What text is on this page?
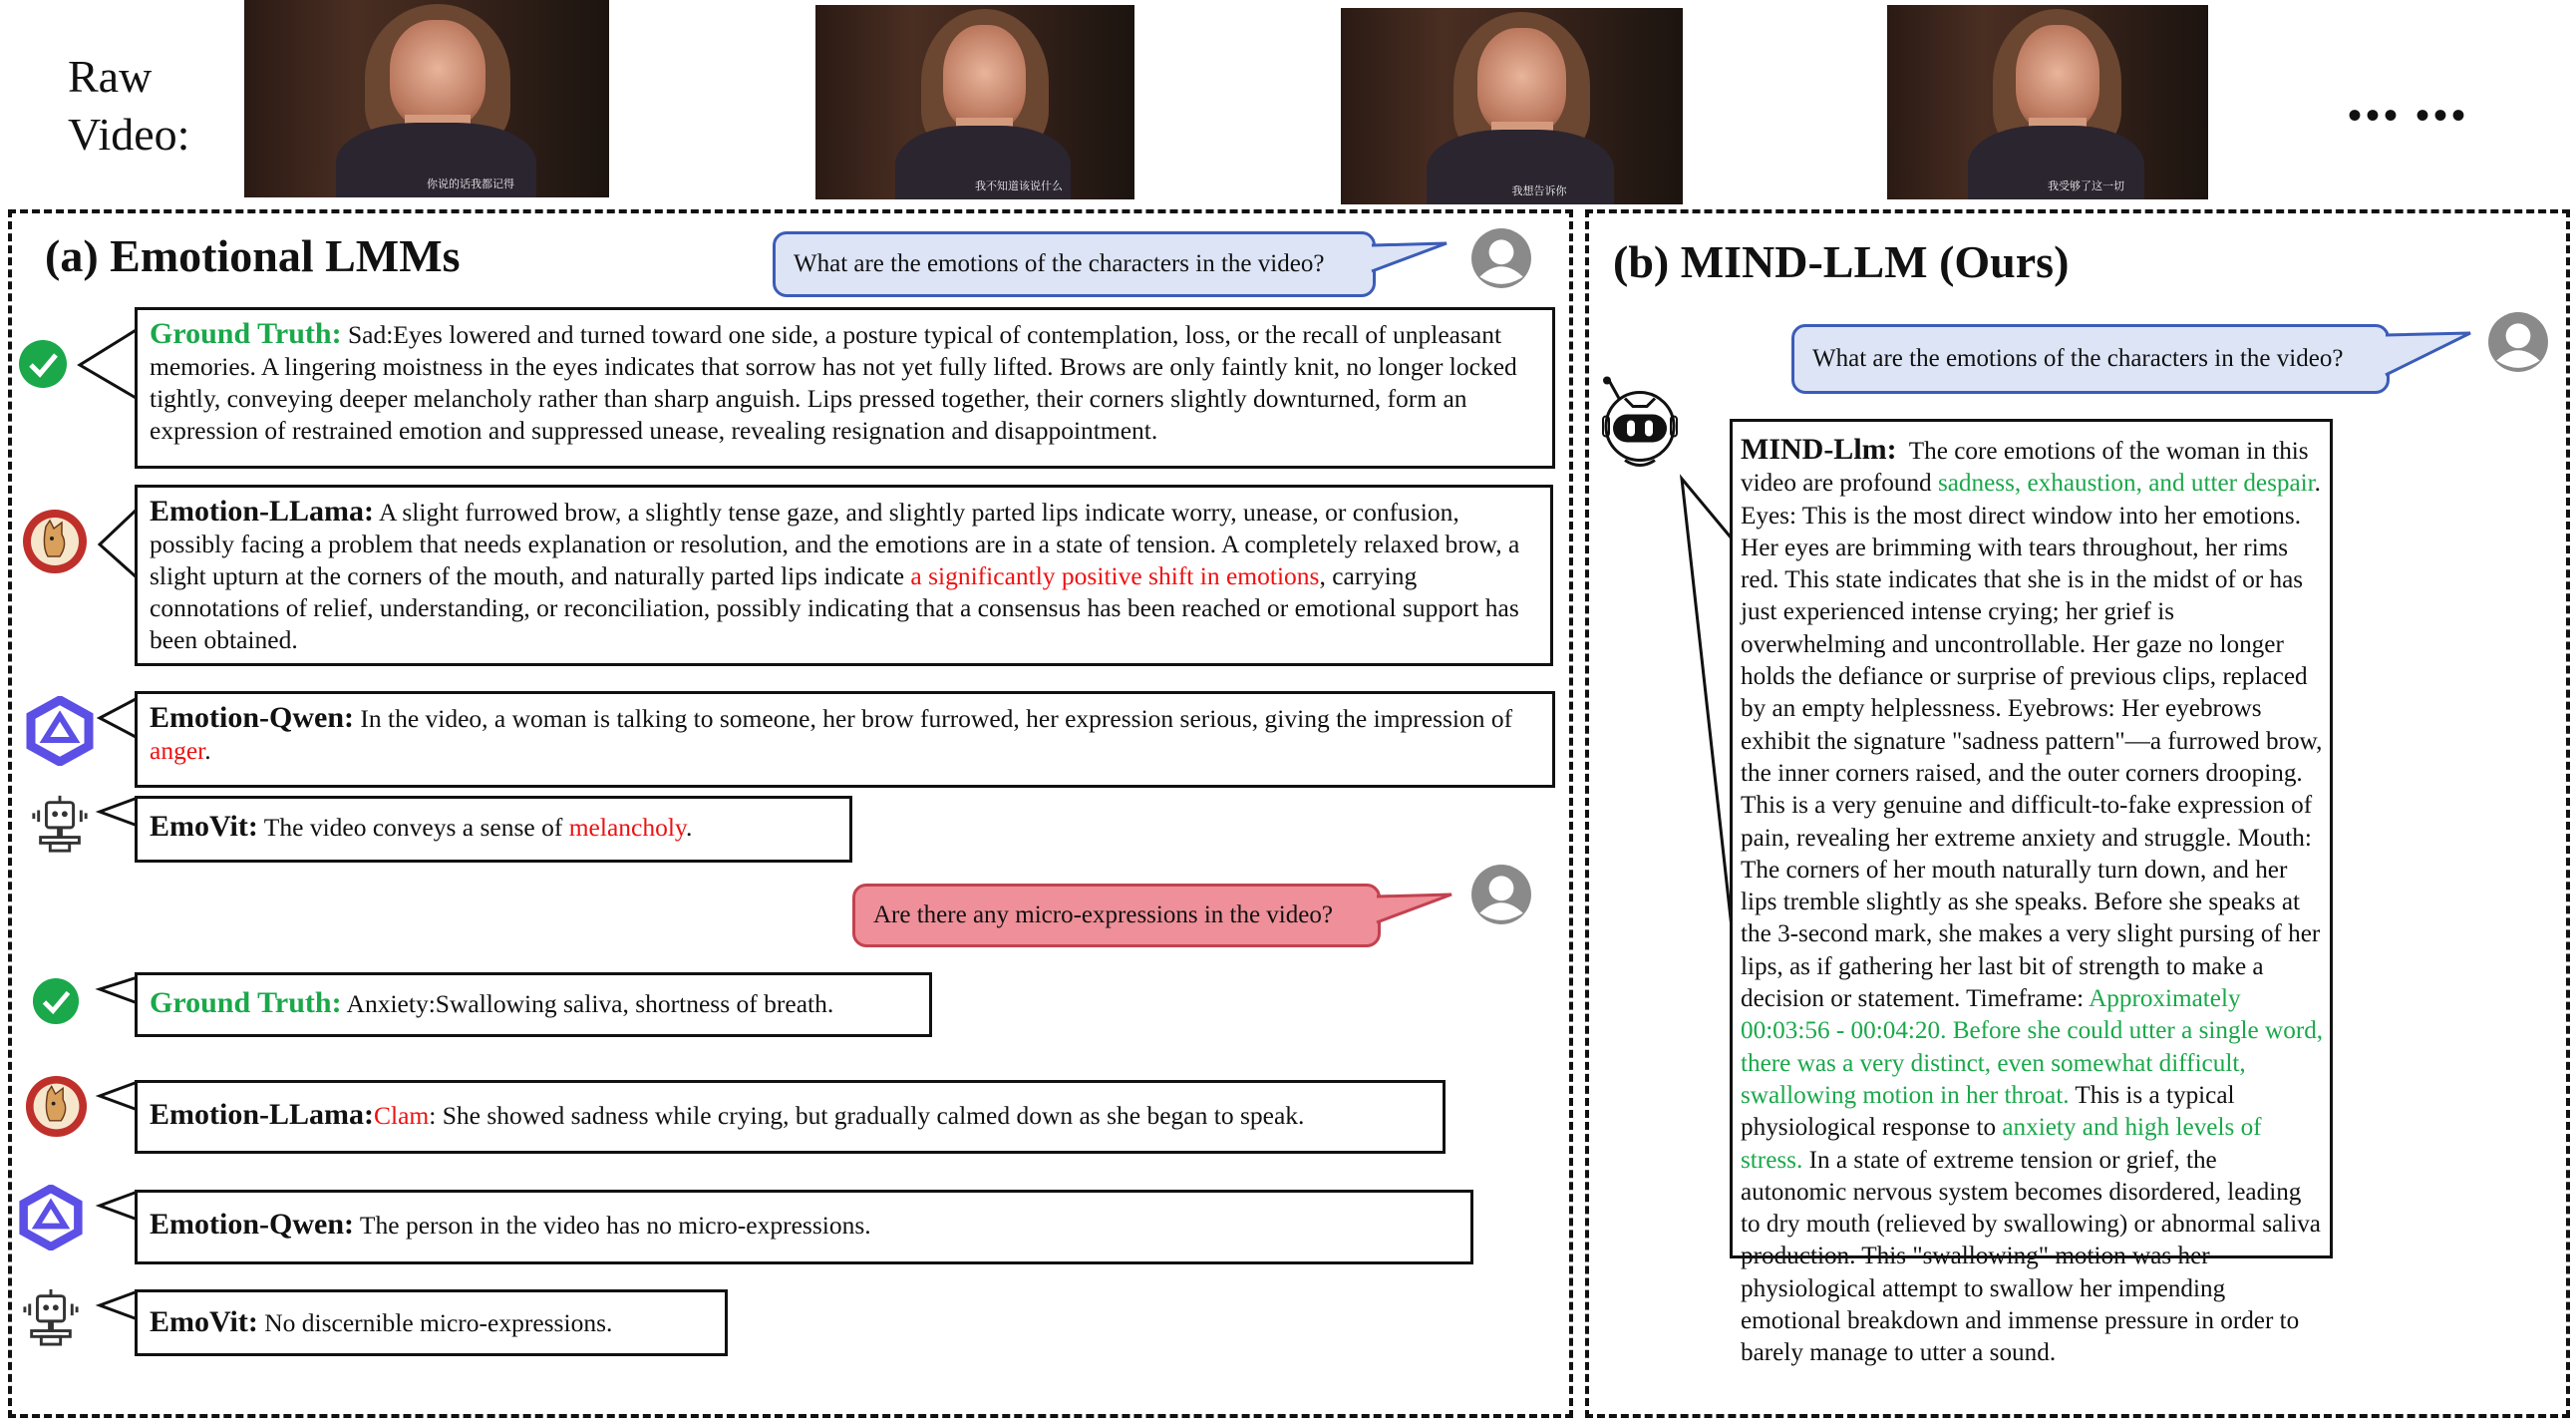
Raw
Video:
你说的话我都记得	我不知道该说什么	我想告诉你	我受够了这一切
••• •••
(a) Emotional LMMs	What are the emotions of the characters in the video?
Ground Truth: Sad:Eyes lowered and turned toward one side, a posture typical of contemplation, loss, or the recall of unpleasant memories. A lingering moistness in the eyes indicates that sorrow has not yet fully lifted. Brows are only faintly knit, no longer locked tightly, conveying deeper melancholy rather than sharp anguish. Lips pressed together, their corners slightly downturned, form an expression of restrained emotion and suppressed unease, revealing resignation and disappointment.
Emotion-LLama: A slight furrowed brow, a slightly tense gaze, and slightly parted lips indicate worry, unease, or confusion, possibly facing a problem that needs explanation or resolution, and the emotions are in a state of tension. A completely relaxed brow, a slight upturn at the corners of the mouth, and naturally parted lips indicate a significantly positive shift in emotions, carrying connotations of relief, understanding, or reconciliation, possibly indicating that a consensus has been reached or emotional support has been obtained.
Emotion-Qwen: In the video, a woman is talking to someone, her brow furrowed, her expression serious, giving the impression of anger.
EmoVit: The video conveys a sense of melancholy.
Are there any micro-expressions in the video?
Ground Truth: Anxiety:Swallowing saliva, shortness of breath.
Emotion-LLama:Clam: She showed sadness while crying, but gradually calmed down as she began to speak.
Emotion-Qwen: The person in the video has no micro-expressions.
EmoVit: No discernible micro-expressions.
(b) MIND-LLM (Ours)
What are the emotions of the characters in the video?
MIND-Llm: The core emotions of the woman in this video are profound sadness, exhaustion, and utter despair. Eyes: This is the most direct window into her emotions. Her eyes are brimming with tears throughout, her rims red. This state indicates that she is in the midst of or has just experienced intense crying; her grief is overwhelming and uncontrollable. Her gaze no longer holds the defiance or surprise of previous clips, replaced by an empty helplessness. Eyebrows: Her eyebrows exhibit the signature "sadness pattern"—a furrowed brow, the inner corners raised, and the outer corners drooping. This is a very genuine and difficult-to-fake expression of pain, revealing her extreme anxiety and struggle. Mouth: The corners of her mouth naturally turn down, and her lips tremble slightly as she speaks. Before she speaks at the 3-second mark, she makes a very slight pursing of her lips, as if gathering her last bit of strength to make a decision or statement. Timeframe: Approximately 00:03:56 - 00:04:20. Before she could utter a single word, there was a very distinct, even somewhat difficult, swallowing motion in her throat. This is a typical physiological response to anxiety and high levels of stress. In a state of extreme tension or grief, the autonomic nervous system becomes disordered, leading to dry mouth (relieved by swallowing) or abnormal saliva production. This "swallowing" motion was her physiological attempt to swallow her impending emotional breakdown and immense pressure in order to barely manage to utter a sound.
